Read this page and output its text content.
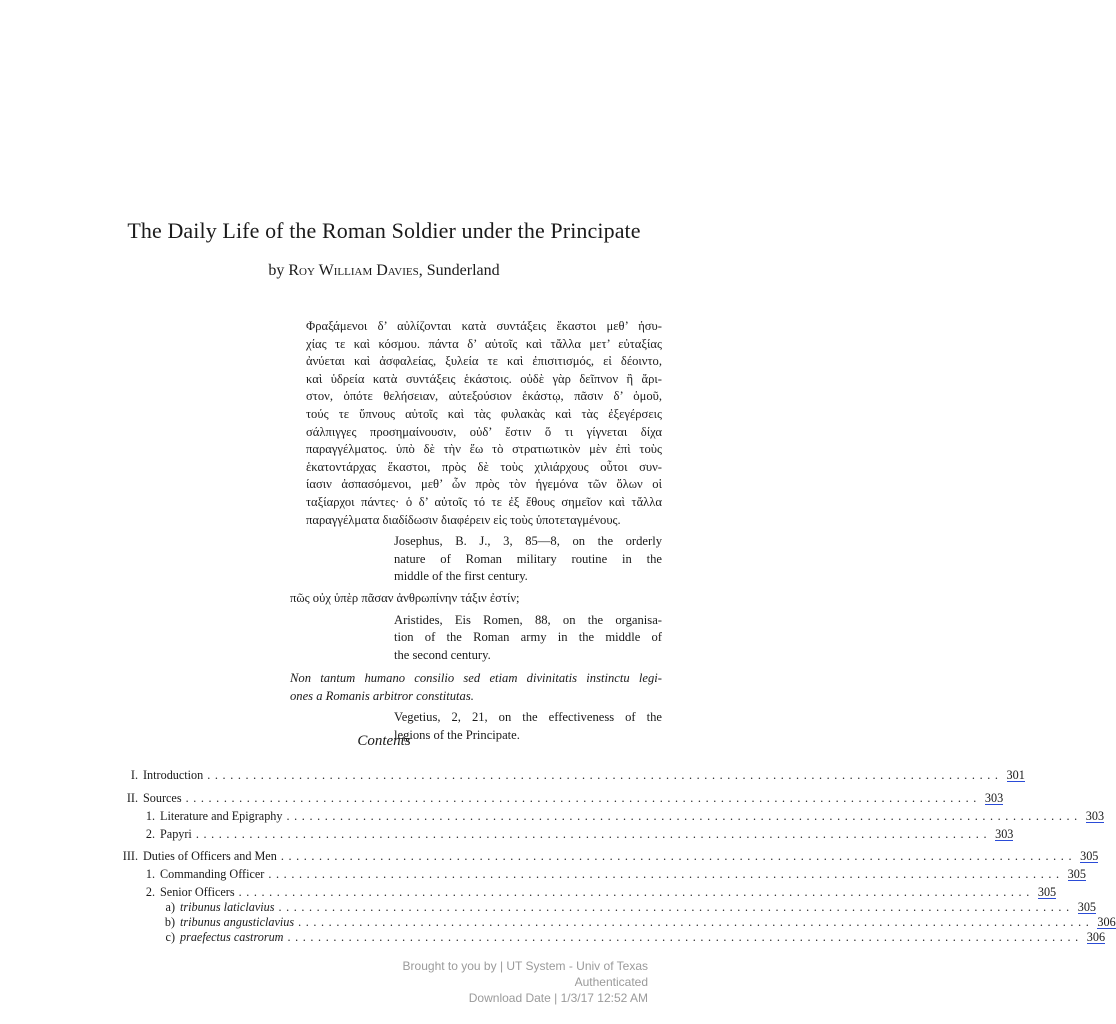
The Daily Life of the Roman Soldier under the Principate
by Roy William Davies, Sunderland

Φραξάμενοι δ’ αὐλίζονται κατὰ συντάξεις ἕκαστοι μεθ’ ἡσυ-
χίας τε καὶ κόσμου. πάντα δ’ αὐτοῖς καὶ τἄλλα μετ’ εὐταξίας
ἀνύεται καὶ ἀσφαλείας, ξυλεία τε καὶ ἐπισιτισμός, εἰ δέοιντο,
καὶ ὑδρεία κατὰ συντάξεις ἑκάστοις. οὐδὲ γὰρ δεῖπνον ἢ ἄρι-
στον, ὁπότε θελήσειαν, αὐτεξούσιον ἑκάστῳ, πᾶσιν δ’ ὁμοῦ,
τούς τε ὕπνους αὐτοῖς καὶ τὰς φυλακὰς καὶ τὰς ἐξεγέρσεις
σάλπιγγες προσημαίνουσιν, οὐδ’ ἔστιν ὅ τι γίγνεται δίχα
παραγγέλματος. ὑπὸ δὲ τὴν ἕω τὸ στρατιωτικὸν μὲν ἐπὶ τοὺς
ἑκατοντάρχας ἕκαστοι, πρὸς δὲ τοὺς χιλιάρχους οὗτοι συν-
ίασιν ἀσπασόμενοι, μεθ’ ὧν πρὸς τὸν ἡγεμόνα τῶν ὅλων οἱ
ταξίαρχοι πάντες· ὁ δ’ αὐτοῖς τό τε ἐξ ἔθους σημεῖον καὶ τἄλλα
παραγγέλματα διαδίδωσιν διαφέρειν εἰς τοὺς ὑποτεταγμένους.

Josephus, B. J., 3, 85—8, on the orderly
nature of Roman military routine in the
middle of the first century.
πῶς οὐχ ὑπὲρ πᾶσαν ἀνθρωπίνην τάξιν ἐστίν;
Aristides, Eis Romen, 88, on the organisa-
tion of the Roman army in the middle of
the second century.
Non tantum humano consilio sed etiam divinitatis instinctu legi-
ones a Romanis arbitror constitutas.
Vegetius, 2, 21, on the effectiveness of the
legions of the Principate.
Contents
I. Introduction ........................................................................................................ 301
II. Sources ........................................................................................................ 303
1. Literature and Epigraphy ........................................................................................................ 303
2. Papyri ........................................................................................................ 303
III. Duties of Officers and Men ........................................................................................................ 305
1. Commanding Officer ........................................................................................................ 305
2. Senior Officers ........................................................................................................ 305
a) tribunus laticlavius ........................................................................................................ 305
b) tribunus angusticlavius ........................................................................................................ 306
c) praefectus castrorum ........................................................................................................ 306
Brought to you by | UT System - Univ of Texas
Authenticated
Download Date | 1/3/17 12:52 AM
